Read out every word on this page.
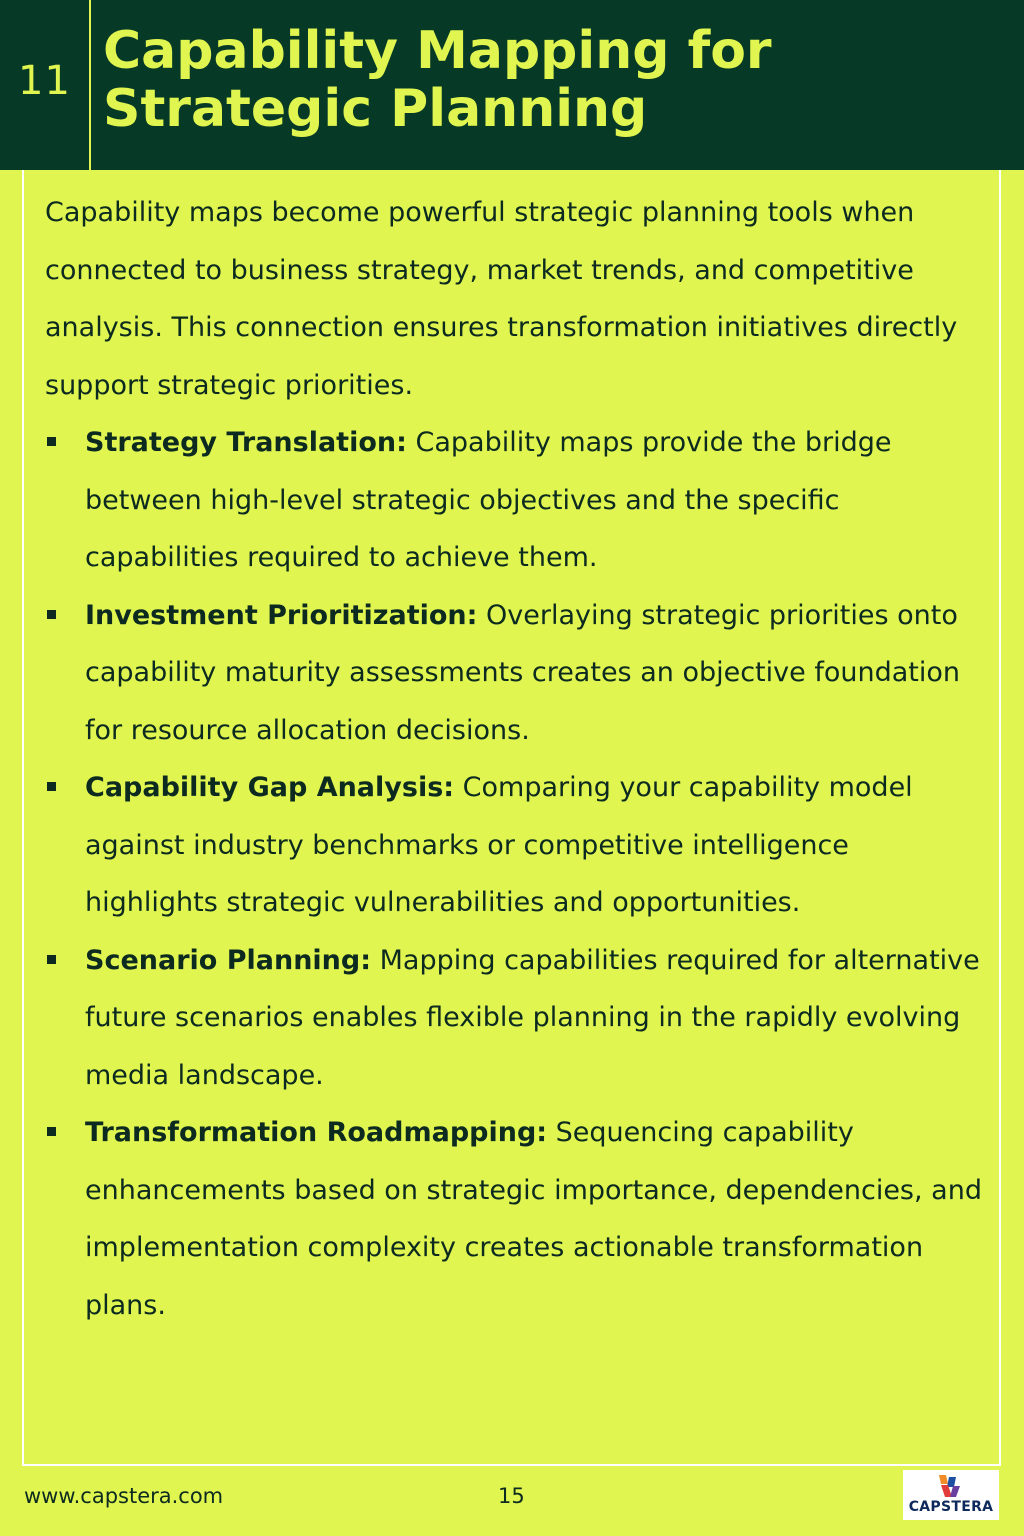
11 Capability Mapping for Strategic Planning

Capability maps become powerful strategic planning tools when connected to business strategy, market trends, and competitive analysis. This connection ensures transformation initiatives directly support strategic priorities.

Strategy Translation: Capability maps provide the bridge between high-level strategic objectives and the specific capabilities required to achieve them.
Investment Prioritization: Overlaying strategic priorities onto capability maturity assessments creates an objective foundation for resource allocation decisions.
Capability Gap Analysis: Comparing your capability model against industry benchmarks or competitive intelligence highlights strategic vulnerabilities and opportunities.
Scenario Planning: Mapping capabilities required for alternative future scenarios enables flexible planning in the rapidly evolving media landscape.
Transformation Roadmapping: Sequencing capability enhancements based on strategic importance, dependencies, and implementation complexity creates actionable transformation plans.
www.capstera.com	15	CAPSTERA
